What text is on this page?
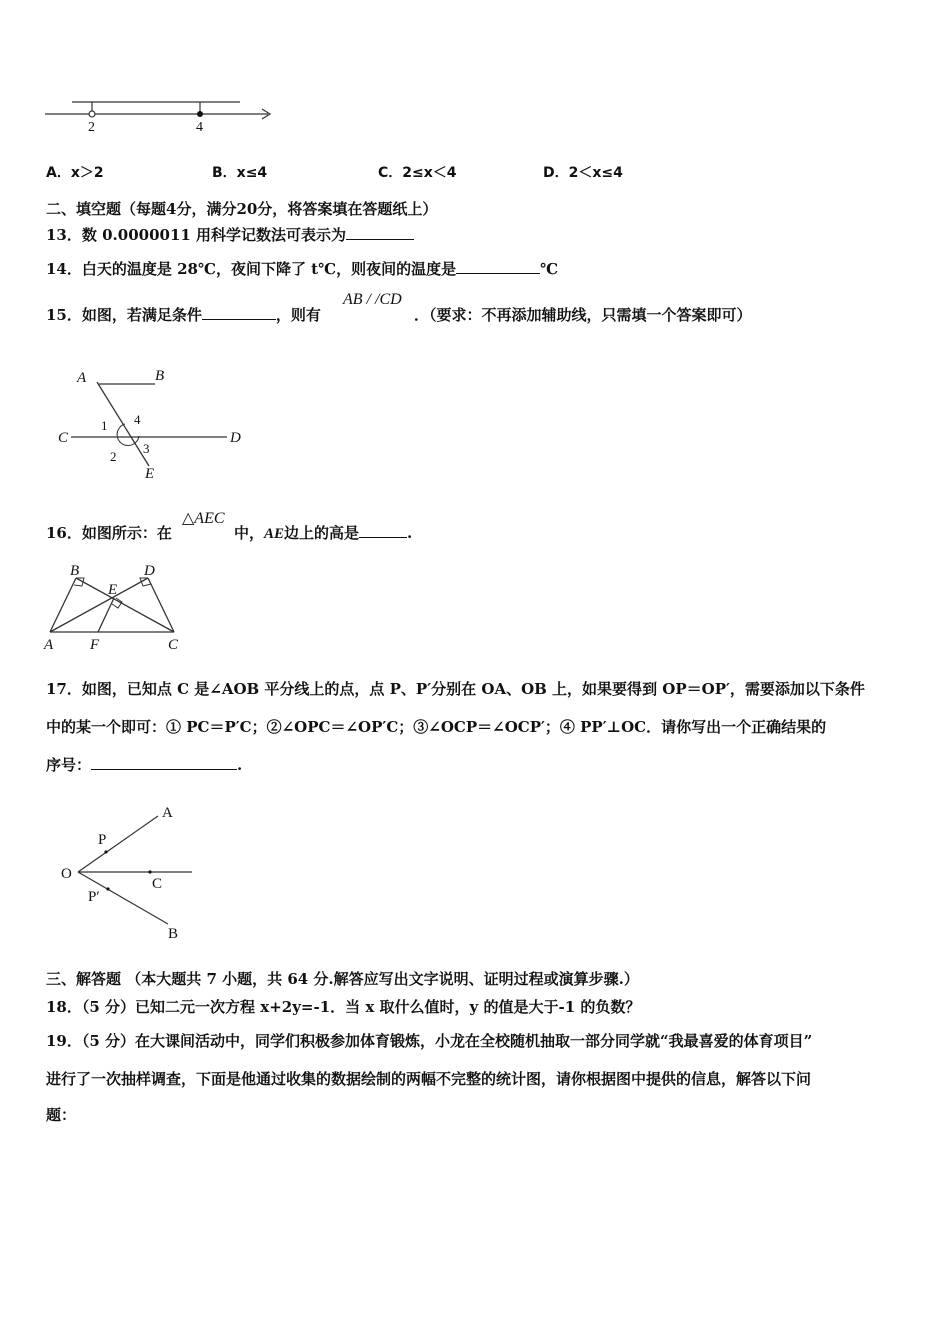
2	4
A．x＞2	B．x≤4	C．2≤x＜4	D．2＜x≤4
二、填空题（每题4分，满分20分，将答案填在答题纸上）
13．数 0.0000011 用科学记数法可表示为
14．白天的温度是 28℃，夜间下降了 t℃，则夜间的温度是	℃
15．如图，若满足条件	，则有
AB / /CD
．（要求：不再添加辅助线，只需填一个答案即可）
A	B
C	D
E
1
2
3
4
16．如图所示：在
△AEC
中，AE边上的高是	.
B	D
E
A F	C
17．如图，已知点 C 是∠AOB 平分线上的点，点 P、P′分别在 OA、OB 上，如果要得到 OP＝OP′，需要添加以下条件
中的某一个即可：① PC＝P′C；②∠OPC＝∠OP′C；③∠OCP＝∠OCP′；④ PP′⊥OC．请你写出一个正确结果的
序号：	.
O
A
P
C
P′
B
三、解答题 （本大题共 7 小题，共 64 分.解答应写出文字说明、证明过程或演算步骤.）
18．（5 分）已知二元一次方程 x+2y=-1．当 x 取什么值时，y 的值是大于-1 的负数？
19．（5 分）在大课间活动中，同学们积极参加体育锻炼，小龙在全校随机抽取一部分同学就“我最喜爱的体育项目”
进行了一次抽样调查，下面是他通过收集的数据绘制的两幅不完整的统计图，请你根据图中提供的信息，解答以下问
题：
